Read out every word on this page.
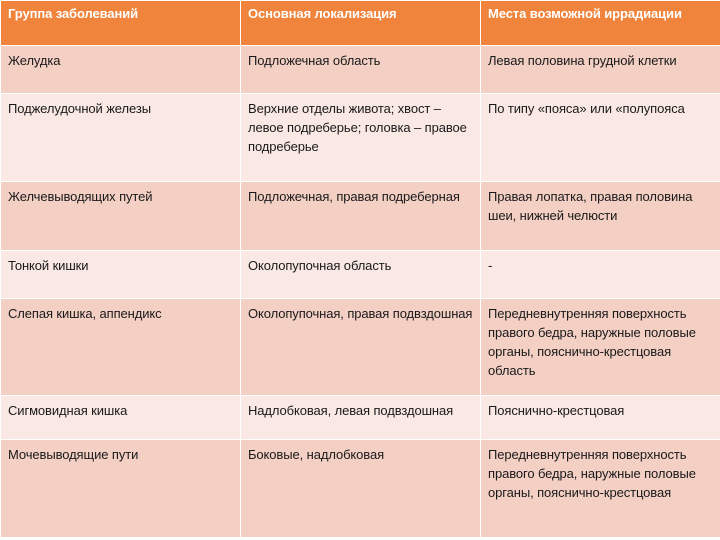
Группа заболеваний	Основная локализация	Места возможной иррадиации
Желудка	Подложечная область	Левая половина грудной клетки
Поджелудочной железы	Верхние отделы живота; хвост – левое подреберье; головка – правое подреберье	По типу «пояса» или «полупояса
Желчевыводящих путей	Подложечная, правая подреберная	Правая лопатка, правая половина шеи, нижней челюсти
Тонкой кишки	Околопупочная область	-
Слепая кишка, аппендикс	Околопупочная, правая подвздошная	Передневнутренняя поверхность правого бедра, наружные половые органы, пояснично-крестцовая область
Сигмовидная кишка	Надлобковая, левая подвздошная	Пояснично-крестцовая
Мочевыводящие пути	Боковые, надлобковая	Передневнутренняя поверхность правого бедра, наружные половые органы, пояснично-крестцовая
